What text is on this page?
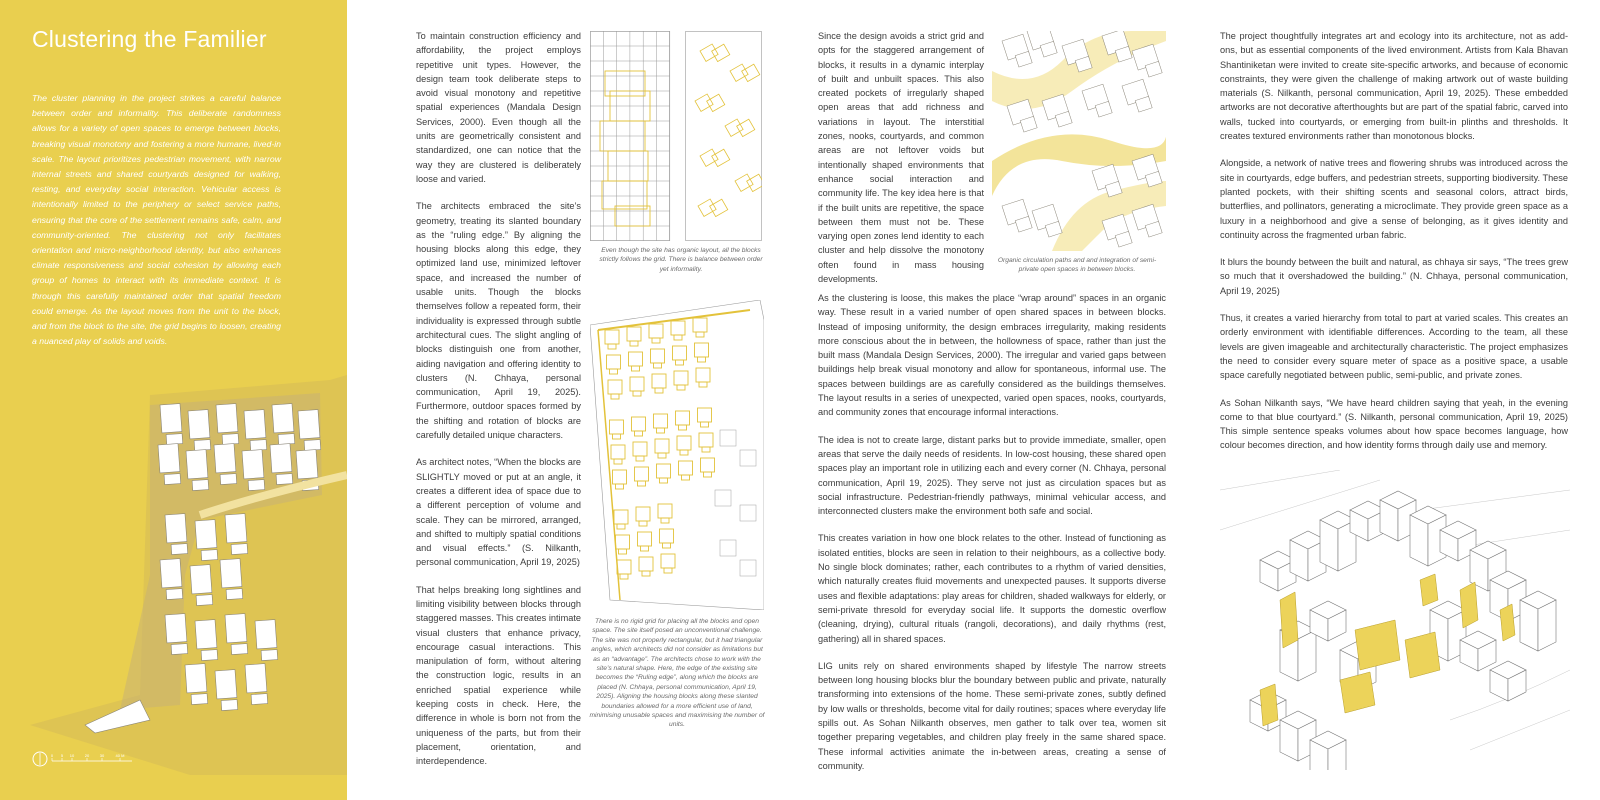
Clustering the Familier

The cluster planning in the project strikes a careful balance between order and informality. This deliberate randomness allows for a variety of open spaces to emerge between blocks, breaking visual monotony and fostering a more humane, lived-in scale. The layout prioritizes pedestrian movement, with narrow internal streets and shared courtyards designed for walking, resting, and everyday social interaction. Vehicular access is intentionally limited to the periphery or select service paths, ensuring that the core of the settlement remains safe, calm, and community-oriented. The clustering not only facilitates orientation and micro-neighborhood identity, but also enhances climate responsiveness and social cohesion by allowing each group of homes to interact with its immediate context. It is through this carefully maintained order that spatial freedom could emerge. As the layout moves from the unit to the block, and from the block to the site, the grid begins to loosen, creating a nuanced play of solids and voids.

0 5 10	20	30	40 M

To maintain construction efficiency and affordability, the project employs repetitive unit types. However, the design team took deliberate steps to avoid visual monotony and repetitive spatial experiences (Mandala Design Services, 2000). Even though all the units are geometrically consistent and standardized, one can notice that the way they are clustered is deliberately loose and varied.

The architects embraced the site’s geometry, treating its slanted boundary as the “ruling edge.” By aligning the housing blocks along this edge, they optimized land use, minimized leftover space, and increased the number of usable units. Though the blocks themselves follow a repeated form, their individuality is expressed through subtle architectural cues. The slight angling of blocks distinguish one from another, aiding navigation and offering identity to clusters (N. Chhaya, personal communication, April 19, 2025). Furthermore, outdoor spaces formed by the shifting and rotation of blocks are carefully detailed unique characters.

As architect notes, “When the blocks are SLIGHTLY moved or put at an angle, it creates a different idea of space due to a different perception of volume and scale. They can be mirrored, arranged, and shifted to multiply spatial conditions and visual effects.” (S. Nilkanth, personal communication, April 19, 2025)

That helps breaking long sightlines and limiting visibility between blocks through staggered masses. This creates intimate visual clusters that enhance privacy, encourage casual interactions. This manipulation of form, without altering the construction logic, results in an enriched spatial experience while keeping costs in check. Here, the difference in whole is born not from the uniqueness of the parts, but from their placement, orientation, and interdependence.

Even though the site has organic layout, all the blocks strictly follows the grid. There is balance between order yet informality.

There is no rigid grid for placing all the blocks and open space. The site itself posed an unconventional challenge. The site was not properly rectangular, but it had triangular angles, which architects did not consider as limitations but as an “advantage”. The architects chose to work with the site’s natural shape. Here, the edge of the existing site becomes the “Ruling edge”, along which the blocks are placed (N. Chhaya, personal communication, April 19, 2025). Aligning the housing blocks along these slanted boundaries allowed for a more efficient use of land, minimising unusable spaces and maximising the number of units.

Since the design avoids a strict grid and opts for the staggered arrangement of blocks, it results in a dynamic interplay of built and unbuilt spaces. This also created pockets of irregularly shaped open areas that add richness and variations in layout. The interstitial zones, nooks, courtyards, and common areas are not leftover voids but intentionally shaped environments that enhance social interaction and community life. The key idea here is that if the built units are repetitive, the space between them must not be. These varying open zones lend identity to each cluster and help dissolve the monotony often found in mass housing developments.

Organic circulation paths and and integration of semi-private open spaces in between blocks.

As the clustering is loose, this makes the place “wrap around” spaces in an organic way. These result in a varied number of open shared spaces in between blocks. Instead of imposing uniformity, the design embraces irregularity, making residents more conscious about the in between, the hollowness of space, rather than just the built mass (Mandala Design Services, 2000). The irregular and varied gaps between buildings help break visual monotony and allow for spontaneous, informal use. The spaces between buildings are as carefully considered as the buildings themselves. The layout results in a series of unexpected, varied open spaces, nooks, courtyards, and community zones that encourage informal interactions.

The idea is not to create large, distant parks but to provide immediate, smaller, open areas that serve the daily needs of residents. In low-cost housing, these shared open spaces play an important role in utilizing each and every corner (N. Chhaya, personal communication, April 19, 2025). They serve not just as circulation spaces but as social infrastructure. Pedestrian-friendly pathways, minimal vehicular access, and interconnected clusters make the environment both safe and social.

This creates variation in how one block relates to the other. Instead of functioning as isolated entities, blocks are seen in relation to their neighbours, as a collective body. No single block dominates; rather, each contributes to a rhythm of varied densities, which naturally creates fluid movements and unexpected pauses. It supports diverse uses and flexible adaptations: play areas for children, shaded walkways for elderly, or semi-private thresold for everyday social life. It supports the domestic overflow (cleaning, drying), cultural rituals (rangoli, decorations), and daily rhythms (rest, gathering) all in shared spaces.

LIG units rely on shared environments shaped by lifestyle The narrow streets between long housing blocks blur the boundary between public and private, naturally transforming into extensions of the home. These semi-private zones, subtly defined by low walls or thresholds, become vital for daily routines; spaces where everyday life spills out. As Sohan Nilkanth observes, men gather to talk over tea, women sit together preparing vegetables, and children play freely in the same shared space. These informal activities animate the in-between areas, creating a sense of community.

The project thoughtfully integrates art and ecology into its architecture, not as add-ons, but as essential components of the lived environment. Artists from Kala Bhavan Shantiniketan were invited to create site-specific artworks, and because of economic constraints, they were given the challenge of making artwork out of waste building materials (S. Nilkanth, personal communication, April 19, 2025). These embedded artworks are not decorative afterthoughts but are part of the spatial fabric, carved into walls, tucked into courtyards, or emerging from built-in plinths and thresholds. It creates textured environments rather than monotonous blocks.

Alongside, a network of native trees and flowering shrubs was introduced across the site in courtyards, edge buffers, and pedestrian streets, supporting biodiversity. These planted pockets, with their shifting scents and seasonal colors, attract birds, butterflies, and pollinators, generating a microclimate. They provide green space as a luxury in a neighborhood and give a sense of belonging, as it gives identity and continuity across the fragmented urban fabric.

It blurs the boundy between the built and natural, as chhaya sir says, “The trees grew so much that it overshadowed the building.” (N. Chhaya, personal communication, April 19, 2025)

Thus, it creates a varied hierarchy from total to part at varied scales. This creates an orderly environment with identifiable differences. According to the team, all these levels are given imageable and architecturally characteristic. The project emphasizes the need to consider every square meter of space as a positive space, a usable space carefully negotiated between public, semi-public, and private zones.

As Sohan Nilkanth says, “We have heard children saying that yeah, in the evening come to that blue courtyard.” (S. Nilkanth, personal communication, April 19, 2025) This simple sentence speaks volumes about how space becomes language, how colour becomes direction, and how identity forms through daily use and memory.
